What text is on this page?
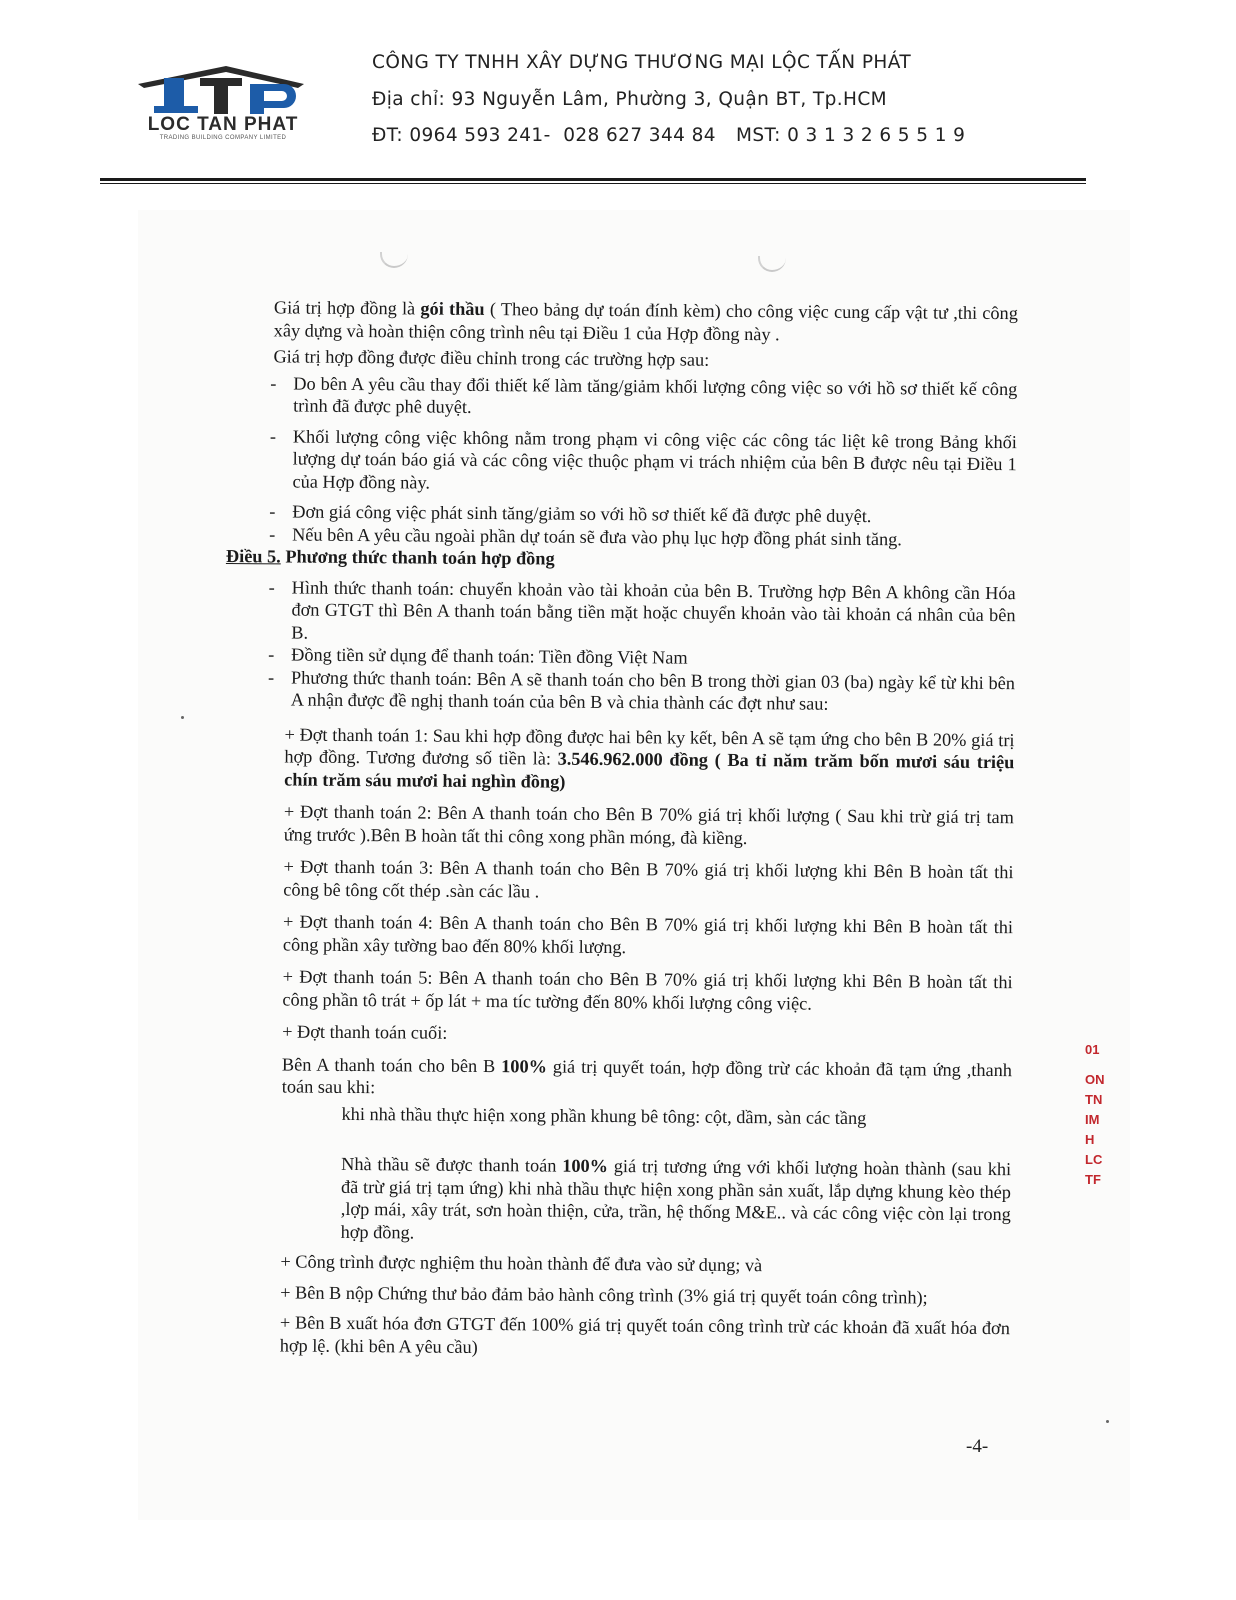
LOC TAN PHAT
TRADING BUILDING COMPANY LIMITED
CÔNG TY TNHH XÂY DỰNG THƯƠNG MẠI LỘC TẤN PHÁT
Địa chỉ: 93 Nguyễn Lâm, Phường 3, Quận BT, Tp.HCM
ĐT: 0964 593 241-  028 627 344 84 MST: 0 3 1 3 2 6 5 5 1 9

Giá trị hợp đồng là gói thầu ( Theo bảng dự toán đính kèm) cho công việc cung cấp vật tư ,thi công xây dựng và hoàn thiện công trình nêu tại Điều 1 của Hợp đồng này .

Giá trị hợp đồng được điều chỉnh trong các trường hợp sau:

- Do bên A yêu cầu thay đổi thiết kế làm tăng/giảm khối lượng công việc so với hồ sơ thiết kế công trình đã được phê duyệt.

- Khối lượng công việc không nằm trong phạm vi công việc các công tác liệt kê trong Bảng khối lượng dự toán báo giá và các công việc thuộc phạm vi trách nhiệm của bên B được nêu tại Điều 1 của Hợp đồng này.

- Đơn giá công việc phát sinh tăng/giảm so với hồ sơ thiết kế đã được phê duyệt.

- Nếu bên A yêu cầu ngoài phần dự toán sẽ đưa vào phụ lục hợp đồng phát sinh tăng.

Điều 5. Phương thức thanh toán hợp đồng

- Hình thức thanh toán: chuyển khoản vào tài khoản của bên B. Trường hợp Bên A không cần Hóa đơn GTGT thì Bên A thanh toán bằng tiền mặt hoặc chuyển khoản vào tài khoản cá nhân của bên B.

- Đồng tiền sử dụng để thanh toán: Tiền đồng Việt Nam

- Phương thức thanh toán: Bên A sẽ thanh toán cho bên B trong thời gian 03 (ba) ngày kể từ khi bên A nhận được đề nghị thanh toán của bên B và chia thành các đợt như sau:

+ Đợt thanh toán 1: Sau khi hợp đồng được hai bên ky kết, bên A sẽ tạm ứng cho bên B 20% giá trị hợp đồng. Tương đương số tiền là: 3.546.962.000 đồng ( Ba tỉ năm trăm bốn mươi sáu triệu chín trăm sáu mươi hai nghìn đồng)

+ Đợt thanh toán 2: Bên A thanh toán cho Bên B 70% giá trị khối lượng ( Sau khi trừ giá trị tam ứng trước ).Bên B hoàn tất thi công xong phần móng, đà kiềng.

+ Đợt thanh toán 3: Bên A thanh toán cho Bên B 70% giá trị khối lượng khi Bên B hoàn tất thi công bê tông cốt thép .sàn các lầu .

+ Đợt thanh toán 4: Bên A thanh toán cho Bên B 70% giá trị khối lượng khi Bên B hoàn tất thi công phần xây tường bao đến 80% khối lượng.

+ Đợt thanh toán 5: Bên A thanh toán cho Bên B 70% giá trị khối lượng khi Bên B hoàn tất thi công phần tô trát + ốp lát + ma tíc tường đến 80% khối lượng công việc.

+ Đợt thanh toán cuối:

Bên A thanh toán cho bên B 100% giá trị quyết toán, hợp đồng trừ các khoản đã tạm ứng ,thanh toán sau khi:

khi nhà thầu thực hiện xong phần khung bê tông: cột, dầm, sàn các tầng

Nhà thầu sẽ được thanh toán 100% giá trị tương ứng với khối lượng hoàn thành (sau khi đã trừ giá trị tạm ứng) khi nhà thầu thực hiện xong phần sản xuất, lắp dựng khung kèo thép ,lợp mái, xây trát, sơn hoàn thiện, cửa, trần, hệ thống M&E.. và các công việc còn lại trong hợp đồng.

+ Công trình được nghiệm thu hoàn thành để đưa vào sử dụng; và

+ Bên B nộp Chứng thư bảo đảm bảo hành công trình (3% giá trị quyết toán công trình);

+ Bên B xuất hóa đơn GTGT đến 100% giá trị quyết toán công trình trừ các khoản đã xuất hóa đơn hợp lệ. (khi bên A yêu cầu)

-4-
01
ON
TN
IM
H
LC
TF
